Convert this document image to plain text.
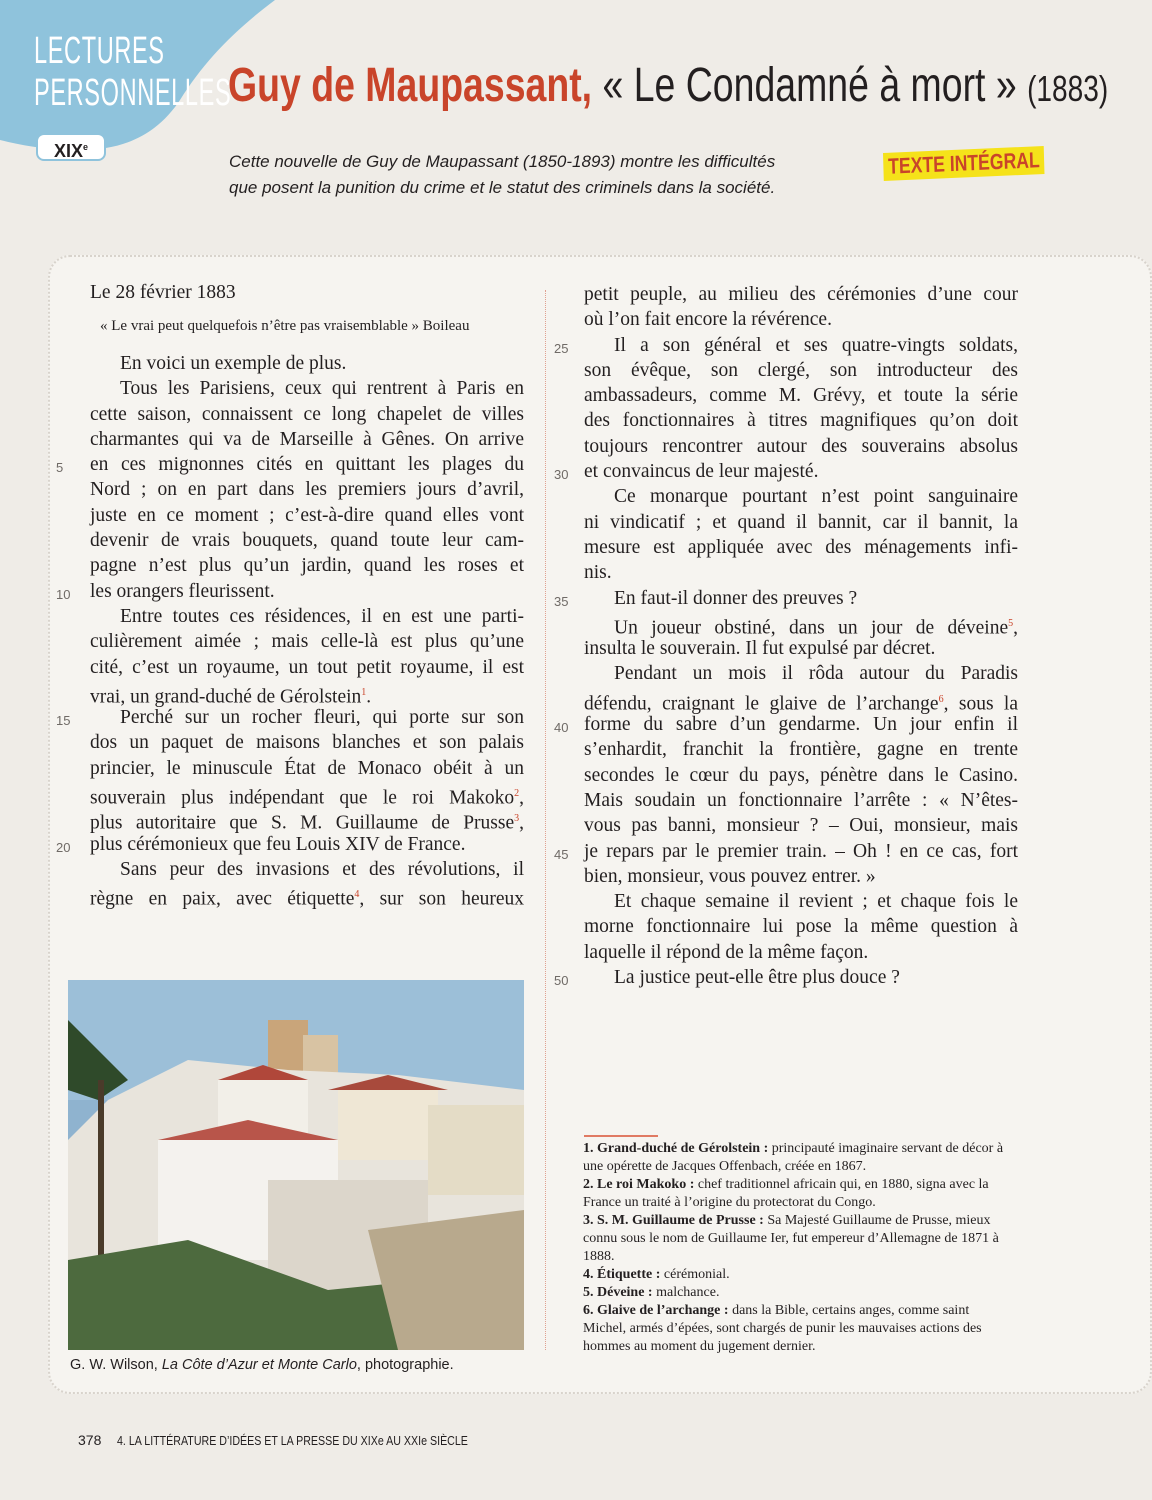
LECTURES
PERSONNELLES
XIXe
Guy de Maupassant, « Le Condamné à mort » (1883)
Cette nouvelle de Guy de Maupassant (1850-1893) montre les difficultés
que posent la punition du crime et le statut des criminels dans la société.
TEXTE INTÉGRAL
Le 28 février 1883
« Le vrai peut quelquefois n’être pas vraisemblable » Boileau
En voici un exemple de plus.
Tous les Parisiens, ceux qui rentrent à Paris en
cette saison, connaissent ce long chapelet de villes
charmantes qui va de Marseille à Gênes. On arrive
en ces mignonnes cités en quittant les plages du
5
Nord ; on en part dans les premiers jours d’avril,
juste en ce moment ; c’est-à-dire quand elles vont
devenir de vrais bouquets, quand toute leur cam-
pagne n’est plus qu’un jardin, quand les roses et
les orangers fleurissent.
10
Entre toutes ces résidences, il en est une parti-
culièrement aimée ; mais celle-là est plus qu’une
cité, c’est un royaume, un tout petit royaume, il est
vrai, un grand-duché de Gérolstein$^1$.
Perché sur un rocher fleuri, qui porte sur son
15
dos un paquet de maisons blanches et son palais
princier, le minuscule État de Monaco obéit à un
souverain plus indépendant que le roi Makoko$^2$,
plus autoritaire que S. M. Guillaume de Prusse$^3$,
plus cérémonieux que feu Louis XIV de France.
20
Sans peur des invasions et des révolutions, il
règne en paix, avec étiquette$^4$, sur son heureux
petit peuple, au milieu des cérémonies d’une cour
où l’on fait encore la révérence.
Il a son général et ses quatre-vingts soldats,
25
son évêque, son clergé, son introducteur des
ambassadeurs, comme M. Grévy, et toute la série
des fonctionnaires à titres magnifiques qu’on doit
toujours rencontrer autour des souverains absolus
et convaincus de leur majesté.
30
Ce monarque pourtant n’est point sanguinaire
ni vindicatif ; et quand il bannit, car il bannit, la
mesure est appliquée avec des ménagements infi-
nis.
En faut-il donner des preuves ?
35
Un joueur obstiné, dans un jour de déveine$^5$,
insulta le souverain. Il fut expulsé par décret.
Pendant un mois il rôda autour du Paradis
défendu, craignant le glaive de l’archange$^6$, sous la
forme du sabre d’un gendarme. Un jour enfin il
40
s’enhardit, franchit la frontière, gagne en trente
secondes le cœur du pays, pénètre dans le Casino.
Mais soudain un fonctionnaire l’arrête : « N’êtes-
vous pas banni, monsieur ? – Oui, monsieur, mais
je repars par le premier train. – Oh ! en ce cas, fort
45
bien, monsieur, vous pouvez entrer. »
Et chaque semaine il revient ; et chaque fois le
morne fonctionnaire lui pose la même question à
laquelle il répond de la même façon.
La justice peut-elle être plus douce ?
50
G. W. Wilson, La Côte d’Azur et Monte Carlo, photographie.
1. Grand-duché de Gérolstein : principauté imaginaire servant de décor à une opérette de Jacques Offenbach, créée en 1867.
2. Le roi Makoko : chef traditionnel africain qui, en 1880, signa avec la France un traité à l’origine du protectorat du Congo.
3. S. M. Guillaume de Prusse : Sa Majesté Guillaume de Prusse, mieux connu sous le nom de Guillaume Ier, fut empereur d’Allemagne de 1871 à 1888.
4. Étiquette : cérémonial.
5. Déveine : malchance.
6. Glaive de l’archange : dans la Bible, certains anges, comme saint Michel, armés d’épées, sont chargés de punir les mauvaises actions des hommes au moment du jugement dernier.
378 4. LA LITTÉRATURE D’IDÉES ET LA PRESSE DU XIXe AU XXIe SIÈCLE
